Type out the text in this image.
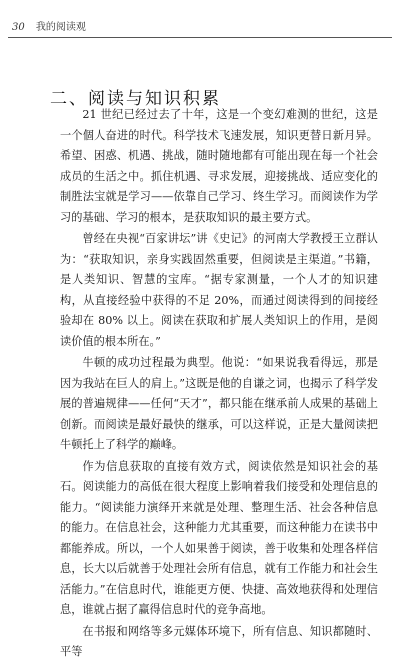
30 我的阅读观
二、阅读与知识积累

21 世纪已经过去了十年，这是一个变幻难测的世纪，这是一个個人奋进的时代。科学技术飞速发展，知识更替日新月异。希望、困惑、机遇、挑战，随时随地都有可能出现在每一个社会成员的生活之中。抓住机遇、寻求发展，迎接挑战、适应变化的制胜法宝就是学习——依靠自己学习、终生学习。而阅读作为学习的基础、学习的根本，是获取知识的最主要方式。

曾经在央视“百家讲坛”讲《史记》的河南大学教授王立群认为：“获取知识，亲身实践固然重要，但阅读是主渠道。”书籍，是人类知识、智慧的宝库。“据专家测量，一个人才的知识建构，从直接经验中获得的不足 20%，而通过阅读得到的间接经验却在 80% 以上。阅读在获取和扩展人类知识上的作用，是阅读价值的根本所在。”

牛顿的成功过程最为典型。他说：“如果说我看得远，那是因为我站在巨人的肩上。”这既是他的自谦之词，也揭示了科学发展的普遍规律——任何“天才”，都只能在继承前人成果的基础上创新。而阅读是最好最快的继承，可以这样说，正是大量阅读把牛顿托上了科学的巅峰。

作为信息获取的直接有效方式，阅读依然是知识社会的基石。阅读能力的高低在很大程度上影响着我们接受和处理信息的能力。“阅读能力演绎开来就是处理、整理生活、社会各种信息的能力。在信息社会，这种能力尤其重要，而这种能力在读书中都能养成。所以，一个人如果善于阅读，善于收集和处理各样信息，长大以后就善于处理社会所有信息，就有工作能力和社会生活能力。”在信息时代，谁能更方便、快捷、高效地获得和处理信息，谁就占据了赢得信息时代的竞争高地。

在书报和网络等多元媒体环境下，所有信息、知识都随时、平等
